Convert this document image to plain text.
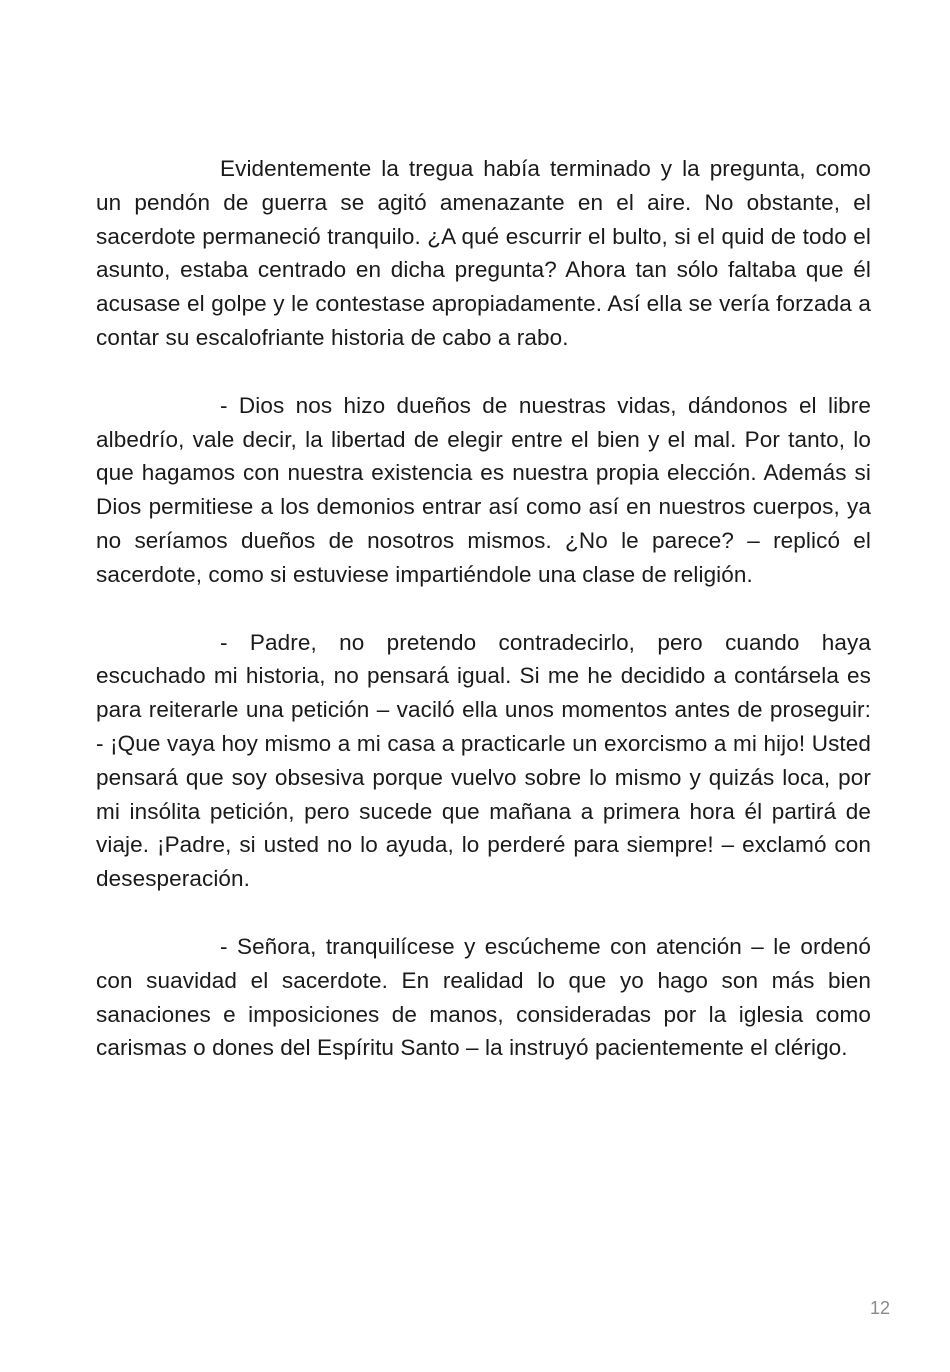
Evidentemente la tregua había terminado y la pregunta, como un pendón de guerra se agitó amenazante en el aire. No obstante, el sacerdote permaneció tranquilo. ¿A qué escurrir el bulto, si el quid de todo el asunto, estaba centrado en dicha pregunta? Ahora tan sólo faltaba que él acusase el golpe y le contestase apropiadamente. Así ella se vería forzada a contar su escalofriante historia de cabo a rabo.

- Dios nos hizo dueños de nuestras vidas, dándonos el libre albedrío, vale decir, la libertad de elegir entre el bien y el mal. Por tanto, lo que hagamos con nuestra existencia es nuestra propia elección. Además si Dios permitiese a los demonios entrar así como así en nuestros cuerpos, ya no seríamos dueños de nosotros mismos. ¿No le parece? – replicó el sacerdote, como si estuviese impartiéndole una clase de religión.

- Padre, no pretendo contradecirlo, pero cuando haya escuchado mi historia, no pensará igual. Si me he decidido a contársela es para reiterarle una petición – vaciló ella unos momentos antes de proseguir: - ¡Que vaya hoy mismo a mi casa a practicarle un exorcismo a mi hijo! Usted pensará que soy obsesiva porque vuelvo sobre lo mismo y quizás loca, por mi insólita petición, pero sucede que mañana a primera hora él partirá de viaje. ¡Padre, si usted no lo ayuda, lo perderé para siempre! – exclamó con desesperación.

- Señora, tranquilícese y escúcheme con atención – le ordenó con suavidad el sacerdote. En realidad lo que yo hago son más bien sanaciones e imposiciones de manos, consideradas por la iglesia como carismas o dones del Espíritu Santo – la instruyó pacientemente el clérigo.

12
